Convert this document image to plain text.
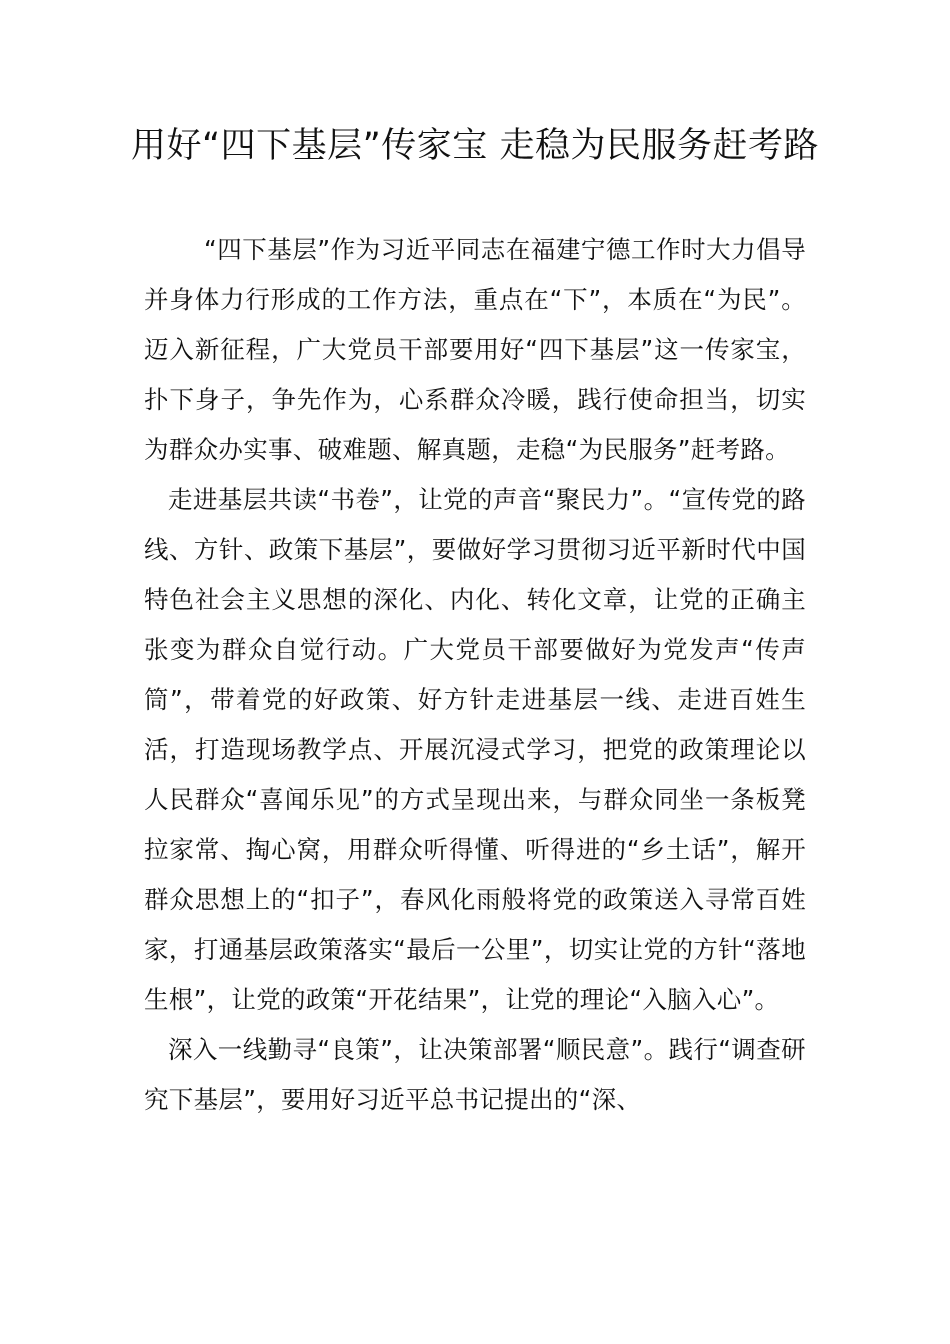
用好“四下基层”传家宝 走稳为民服务赶考路

“四下基层”作为习近平同志在福建宁德工作时大力倡导并身体力行形成的工作方法，重点在“下”，本质在“为民”。迈入新征程，广大党员干部要用好“四下基层”这一传家宝，扑下身子，争先作为，心系群众冷暖，践行使命担当，切实为群众办实事、破难题、解真题，走稳“为民服务”赶考路。

走进基层共读“书卷”，让党的声音“聚民力”。“宣传党的路线、方针、政策下基层”，要做好学习贯彻习近平新时代中国特色社会主义思想的深化、内化、转化文章，让党的正确主张变为群众自觉行动。广大党员干部要做好为党发声“传声筒”，带着党的好政策、好方针走进基层一线、走进百姓生活，打造现场教学点、开展沉浸式学习，把党的政策理论以人民群众“喜闻乐见”的方式呈现出来，与群众同坐一条板凳拉家常、掏心窝，用群众听得懂、听得进的“乡土话”，解开群众思想上的“扣子”，春风化雨般将党的政策送入寻常百姓家，打通基层政策落实“最后一公里”，切实让党的方针“落地生根”，让党的政策“开花结果”，让党的理论“入脑入心”。

深入一线勤寻“良策”，让决策部署“顺民意”。践行“调查研究下基层”，要用好习近平总书记提出的“深、
